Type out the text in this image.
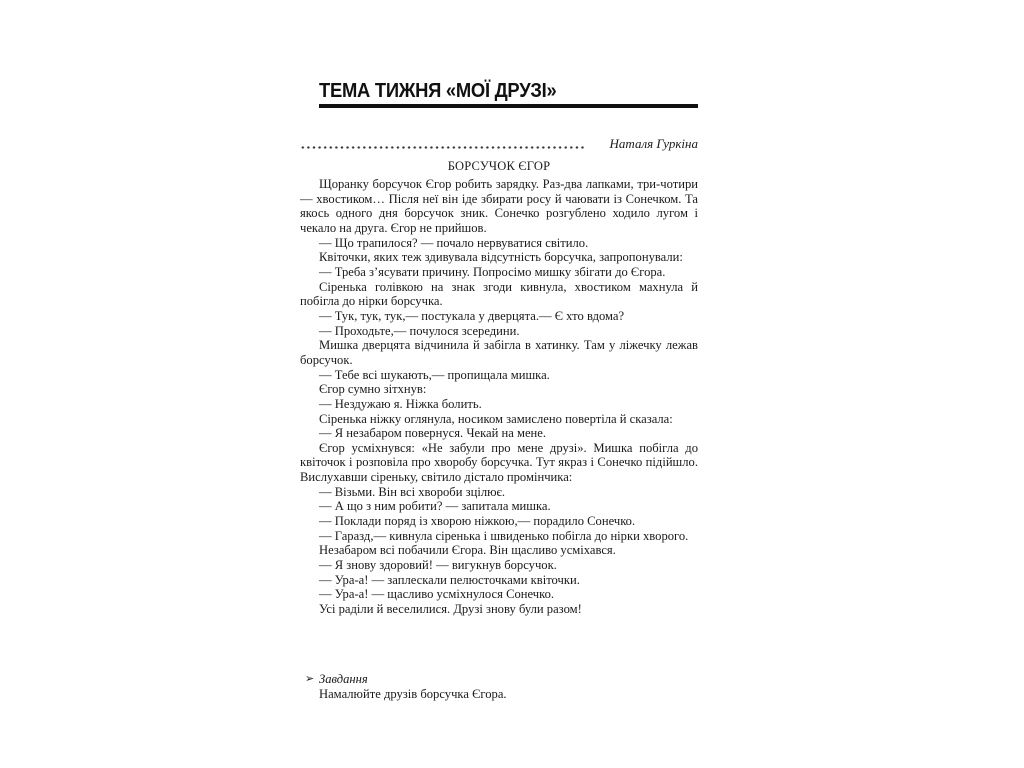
ТЕМА ТИЖНЯ «МОЇ ДРУЗІ»
Наталя Гуркіна
БОРСУЧОК ЄГОР

Щоранку борсучок Єгор робить зарядку. Раз-два лапками, три-чотири — хвостиком… Після неї він іде збирати росу й чаювати із Сонечком. Та якось одного дня борсучок зник. Сонечко розгублено ходило лугом і чекало на друга. Єгор не прийшов.

— Що трапилося? — почало нервуватися світило.

Квіточки, яких теж здивувала відсутність борсучка, запропонували:

— Треба з’ясувати причину. Попросімо мишку збігати до Єгора.

Сіренька голівкою на знак згоди кивнула, хвостиком махнула й побігла до нірки борсучка.

— Тук, тук, тук,— постукала у дверцята.— Є хто вдома?

— Проходьте,— почулося зсередини.

Мишка дверцята відчинила й забігла в хатинку. Там у ліжечку лежав борсучок.

— Тебе всі шукають,— пропищала мишка.

Єгор сумно зітхнув:

— Нездужаю я. Ніжка болить.

Сіренька ніжку оглянула, носиком замислено повертіла й сказала:

— Я незабаром повернуся. Чекай на мене.

Єгор усміхнувся: «Не забули про мене друзі». Мишка побігла до квіточок і розповіла про хворобу борсучка. Тут якраз і Сонечко підійшло. Вислухавши сіреньку, світило дістало промінчика:

— Візьми. Він всі хвороби зцілює.

— А що з ним робити? — запитала мишка.

— Поклади поряд із хворою ніжкою,— порадило Сонечко.

— Гаразд,— кивнула сіренька і швиденько побігла до нірки хворого.

Незабаром всі побачили Єгора. Він щасливо усміхався.

— Я знову здоровий! — вигукнув борсучок.

— Ура-а! — заплескали пелюсточками квіточки.

— Ура-а! — щасливо усміхнулося Сонечко.

Усі раділи й веселилися. Друзі знову були разом!

➢ Завдання
Намалюйте друзів борсучка Єгора.
